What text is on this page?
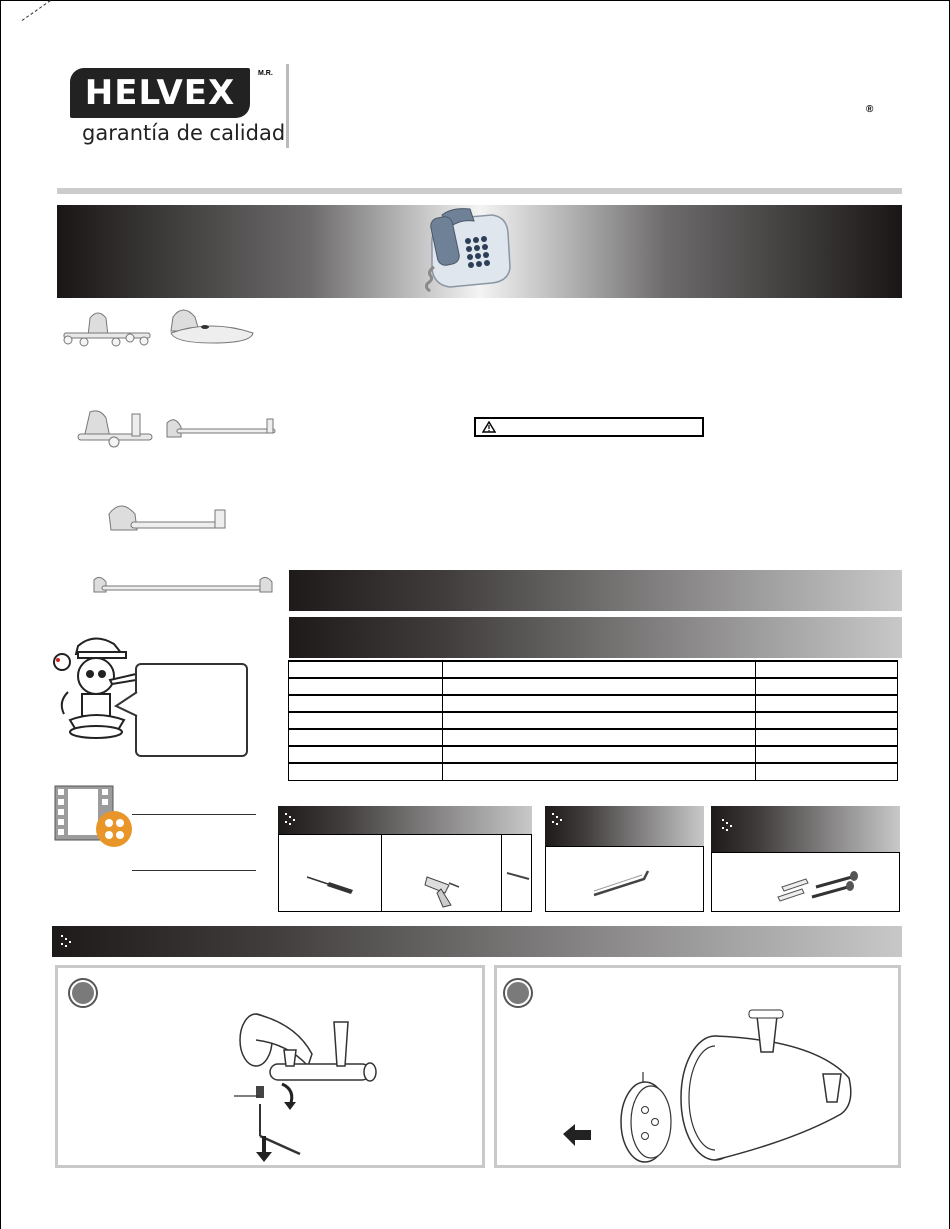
HELVEX	M.R.
garantía de calidad
®
